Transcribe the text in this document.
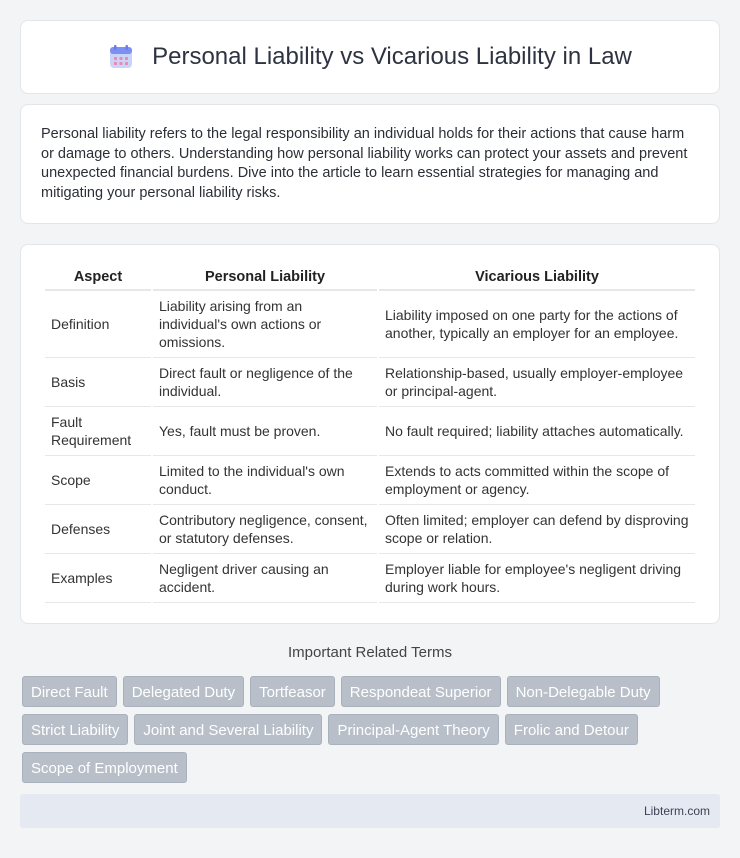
Personal Liability vs Vicarious Liability in Law

Personal liability refers to the legal responsibility an individual holds for their actions that cause harm or damage to others. Understanding how personal liability works can protect your assets and prevent unexpected financial burdens. Dive into the article to learn essential strategies for managing and mitigating your personal liability risks.

Aspect	Personal Liability	Vicarious Liability
Definition	Liability arising from an individual's own actions or omissions.	Liability imposed on one party for the actions of another, typically an employer for an employee.
Basis	Direct fault or negligence of the individual.	Relationship-based, usually employer-employee or principal-agent.
Fault Requirement	Yes, fault must be proven.	No fault required; liability attaches automatically.
Scope	Limited to the individual's own conduct.	Extends to acts committed within the scope of employment or agency.
Defenses	Contributory negligence, consent, or statutory defenses.	Often limited; employer can defend by disproving scope or relation.
Examples	Negligent driver causing an accident.	Employer liable for employee's negligent driving during work hours.
Important Related Terms
Direct Fault	Delegated Duty	Tortfeasor	Respondeat Superior	Non-Delegable Duty
Strict Liability	Joint and Several Liability	Principal-Agent Theory	Frolic and Detour
Scope of Employment
Libterm.com
